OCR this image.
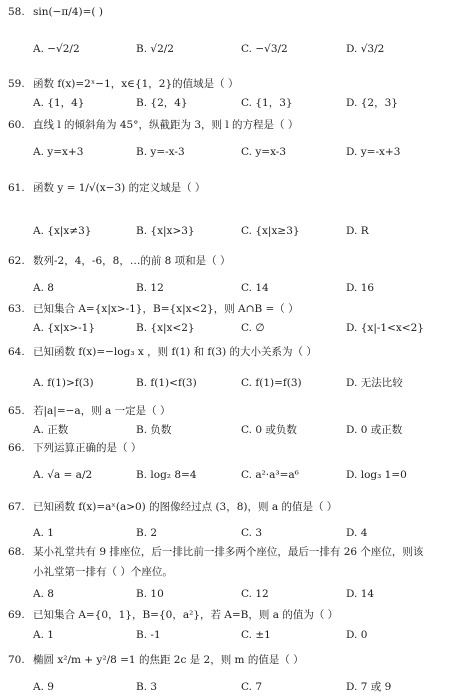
58. sin(−π/4)=( )
A. −√2/2	B. √2/2	C. −√3/2	D. √3/2
59. 函数 f(x)=2ˣ−1，x∈{1，2}的值域是（ ）
A. {1，4}	B. {2，4}	C. {1，3}	D. {2，3}
60. 直线 l 的倾斜角为 45°，纵截距为 3，则 l 的方程是（ ）
A. y=x+3	B. y=-x-3	C. y=x-3	D. y=-x+3
61. 函数 y = 1/√(x−3) 的定义域是（ ）
A. {x|x≠3}	B. {x|x>3}	C. {x|x≥3}	D. R
62. 数列-2，4，-6，8，…的前 8 项和是（ ）
A. 8	B. 12	C. 14	D. 16
63. 已知集合 A={x|x>-1}，B={x|x<2}，则 A∩B =（ ）
A. {x|x>-1}	B. {x|x<2}	C. ∅	D. {x|-1<x<2}
64. 已知函数 f(x)=−log₃ x ，则 f(1) 和 f(3) 的大小关系为（ ）
A. f(1)>f(3)	B. f(1)<f(3)	C. f(1)=f(3)	D. 无法比较
65. 若|a|=−a，则 a 一定是（ ）
A. 正数	B. 负数	C. 0 或负数	D. 0 或正数
66. 下列运算正确的是（ ）
A. √a = a/2	B. log₂ 8=4	C. a²·a³=a⁶	D. log₃ 1=0
67. 已知函数 f(x)=aˣ(a>0) 的图像经过点 (3，8)，则 a 的值是（ ）
A. 1	B. 2	C. 3	D. 4
68. 某小礼堂共有 9 排座位，后一排比前一排多两个座位，最后一排有 26 个座位，则该
小礼堂第一排有（ ）个座位。
A. 8	B. 10	C. 12	D. 14
69. 已知集合 A={0，1}，B={0，a²}，若 A=B，则 a 的值为（ ）
A. 1	B. -1	C. ±1	D. 0
70. 椭圆 x²/m + y²/8 =1 的焦距 2c 是 2，则 m 的值是（ ）
A. 9	B. 3	C. 7	D. 7 或 9
